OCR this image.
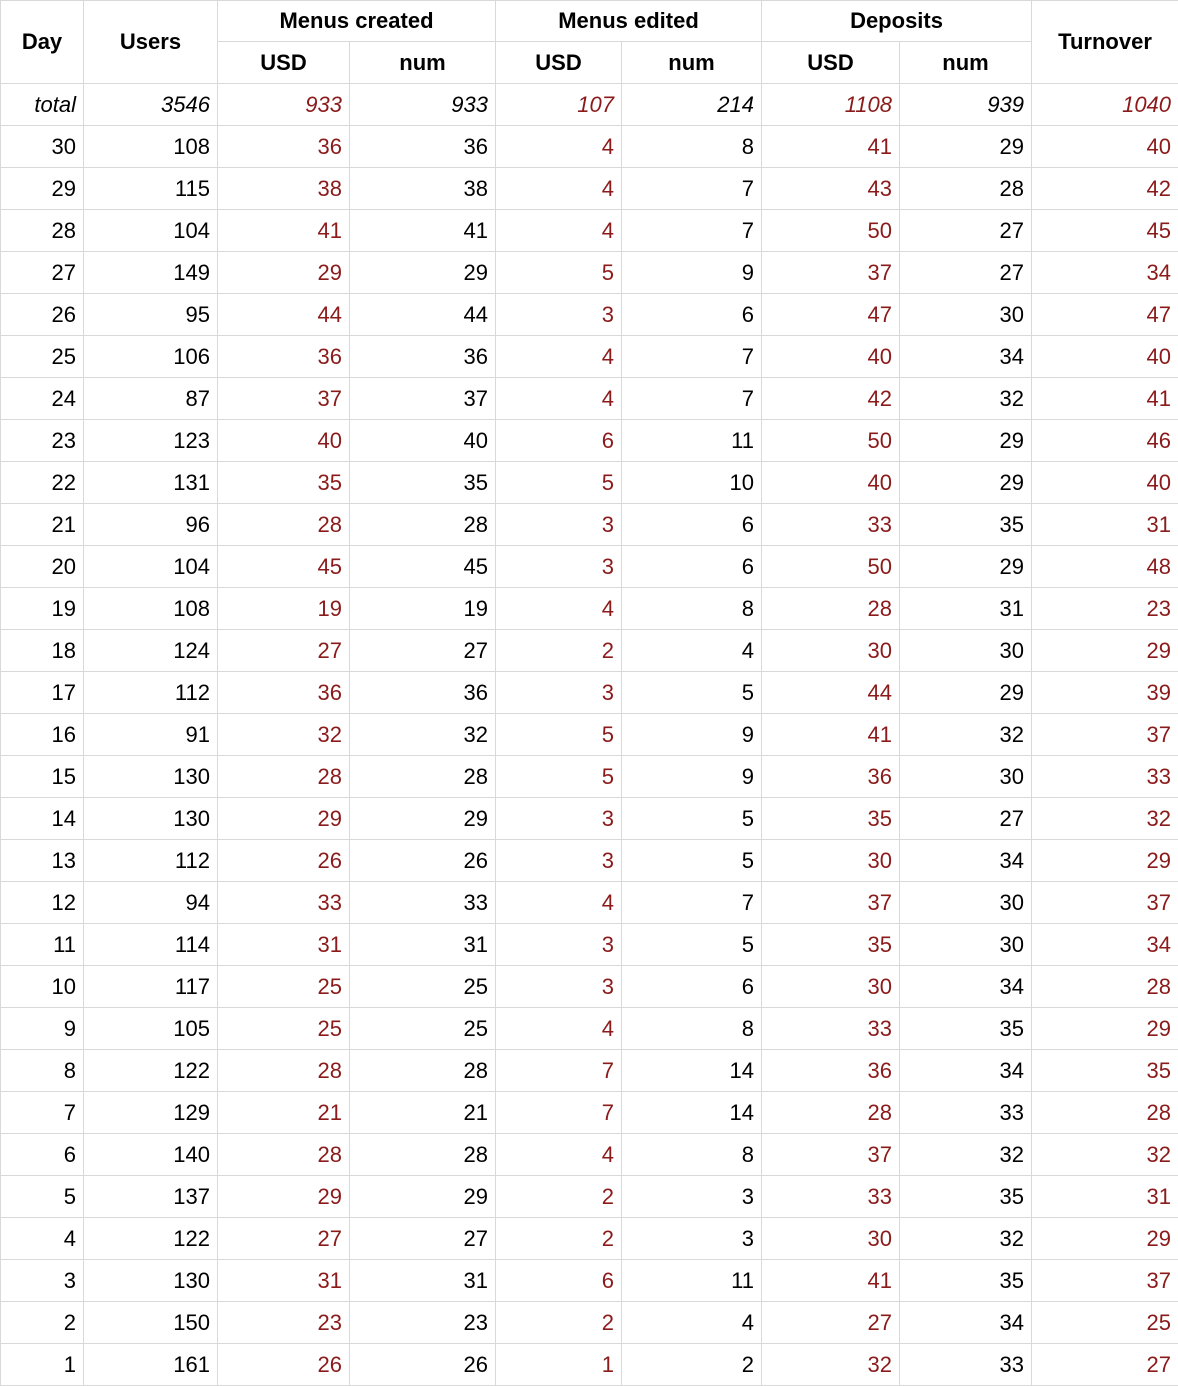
Day	Users	Menus created		Menus edited		Deposits		Turnover
		USD	num	USD	num	USD	num	
total	3546	933	933	107	214	1108	939	1040
30	108	36	36	4	8	41	29	40
29	115	38	38	4	7	43	28	42
28	104	41	41	4	7	50	27	45
27	149	29	29	5	9	37	27	34
26	95	44	44	3	6	47	30	47
25	106	36	36	4	7	40	34	40
24	87	37	37	4	7	42	32	41
23	123	40	40	6	11	50	29	46
22	131	35	35	5	10	40	29	40
21	96	28	28	3	6	33	35	31
20	104	45	45	3	6	50	29	48
19	108	19	19	4	8	28	31	23
18	124	27	27	2	4	30	30	29
17	112	36	36	3	5	44	29	39
16	91	32	32	5	9	41	32	37
15	130	28	28	5	9	36	30	33
14	130	29	29	3	5	35	27	32
13	112	26	26	3	5	30	34	29
12	94	33	33	4	7	37	30	37
11	114	31	31	3	5	35	30	34
10	117	25	25	3	6	30	34	28
9	105	25	25	4	8	33	35	29
8	122	28	28	7	14	36	34	35
7	129	21	21	7	14	28	33	28
6	140	28	28	4	8	37	32	32
5	137	29	29	2	3	33	35	31
4	122	27	27	2	3	30	32	29
3	130	31	31	6	11	41	35	37
2	150	23	23	2	4	27	34	25
1	161	26	26	1	2	32	33	27
